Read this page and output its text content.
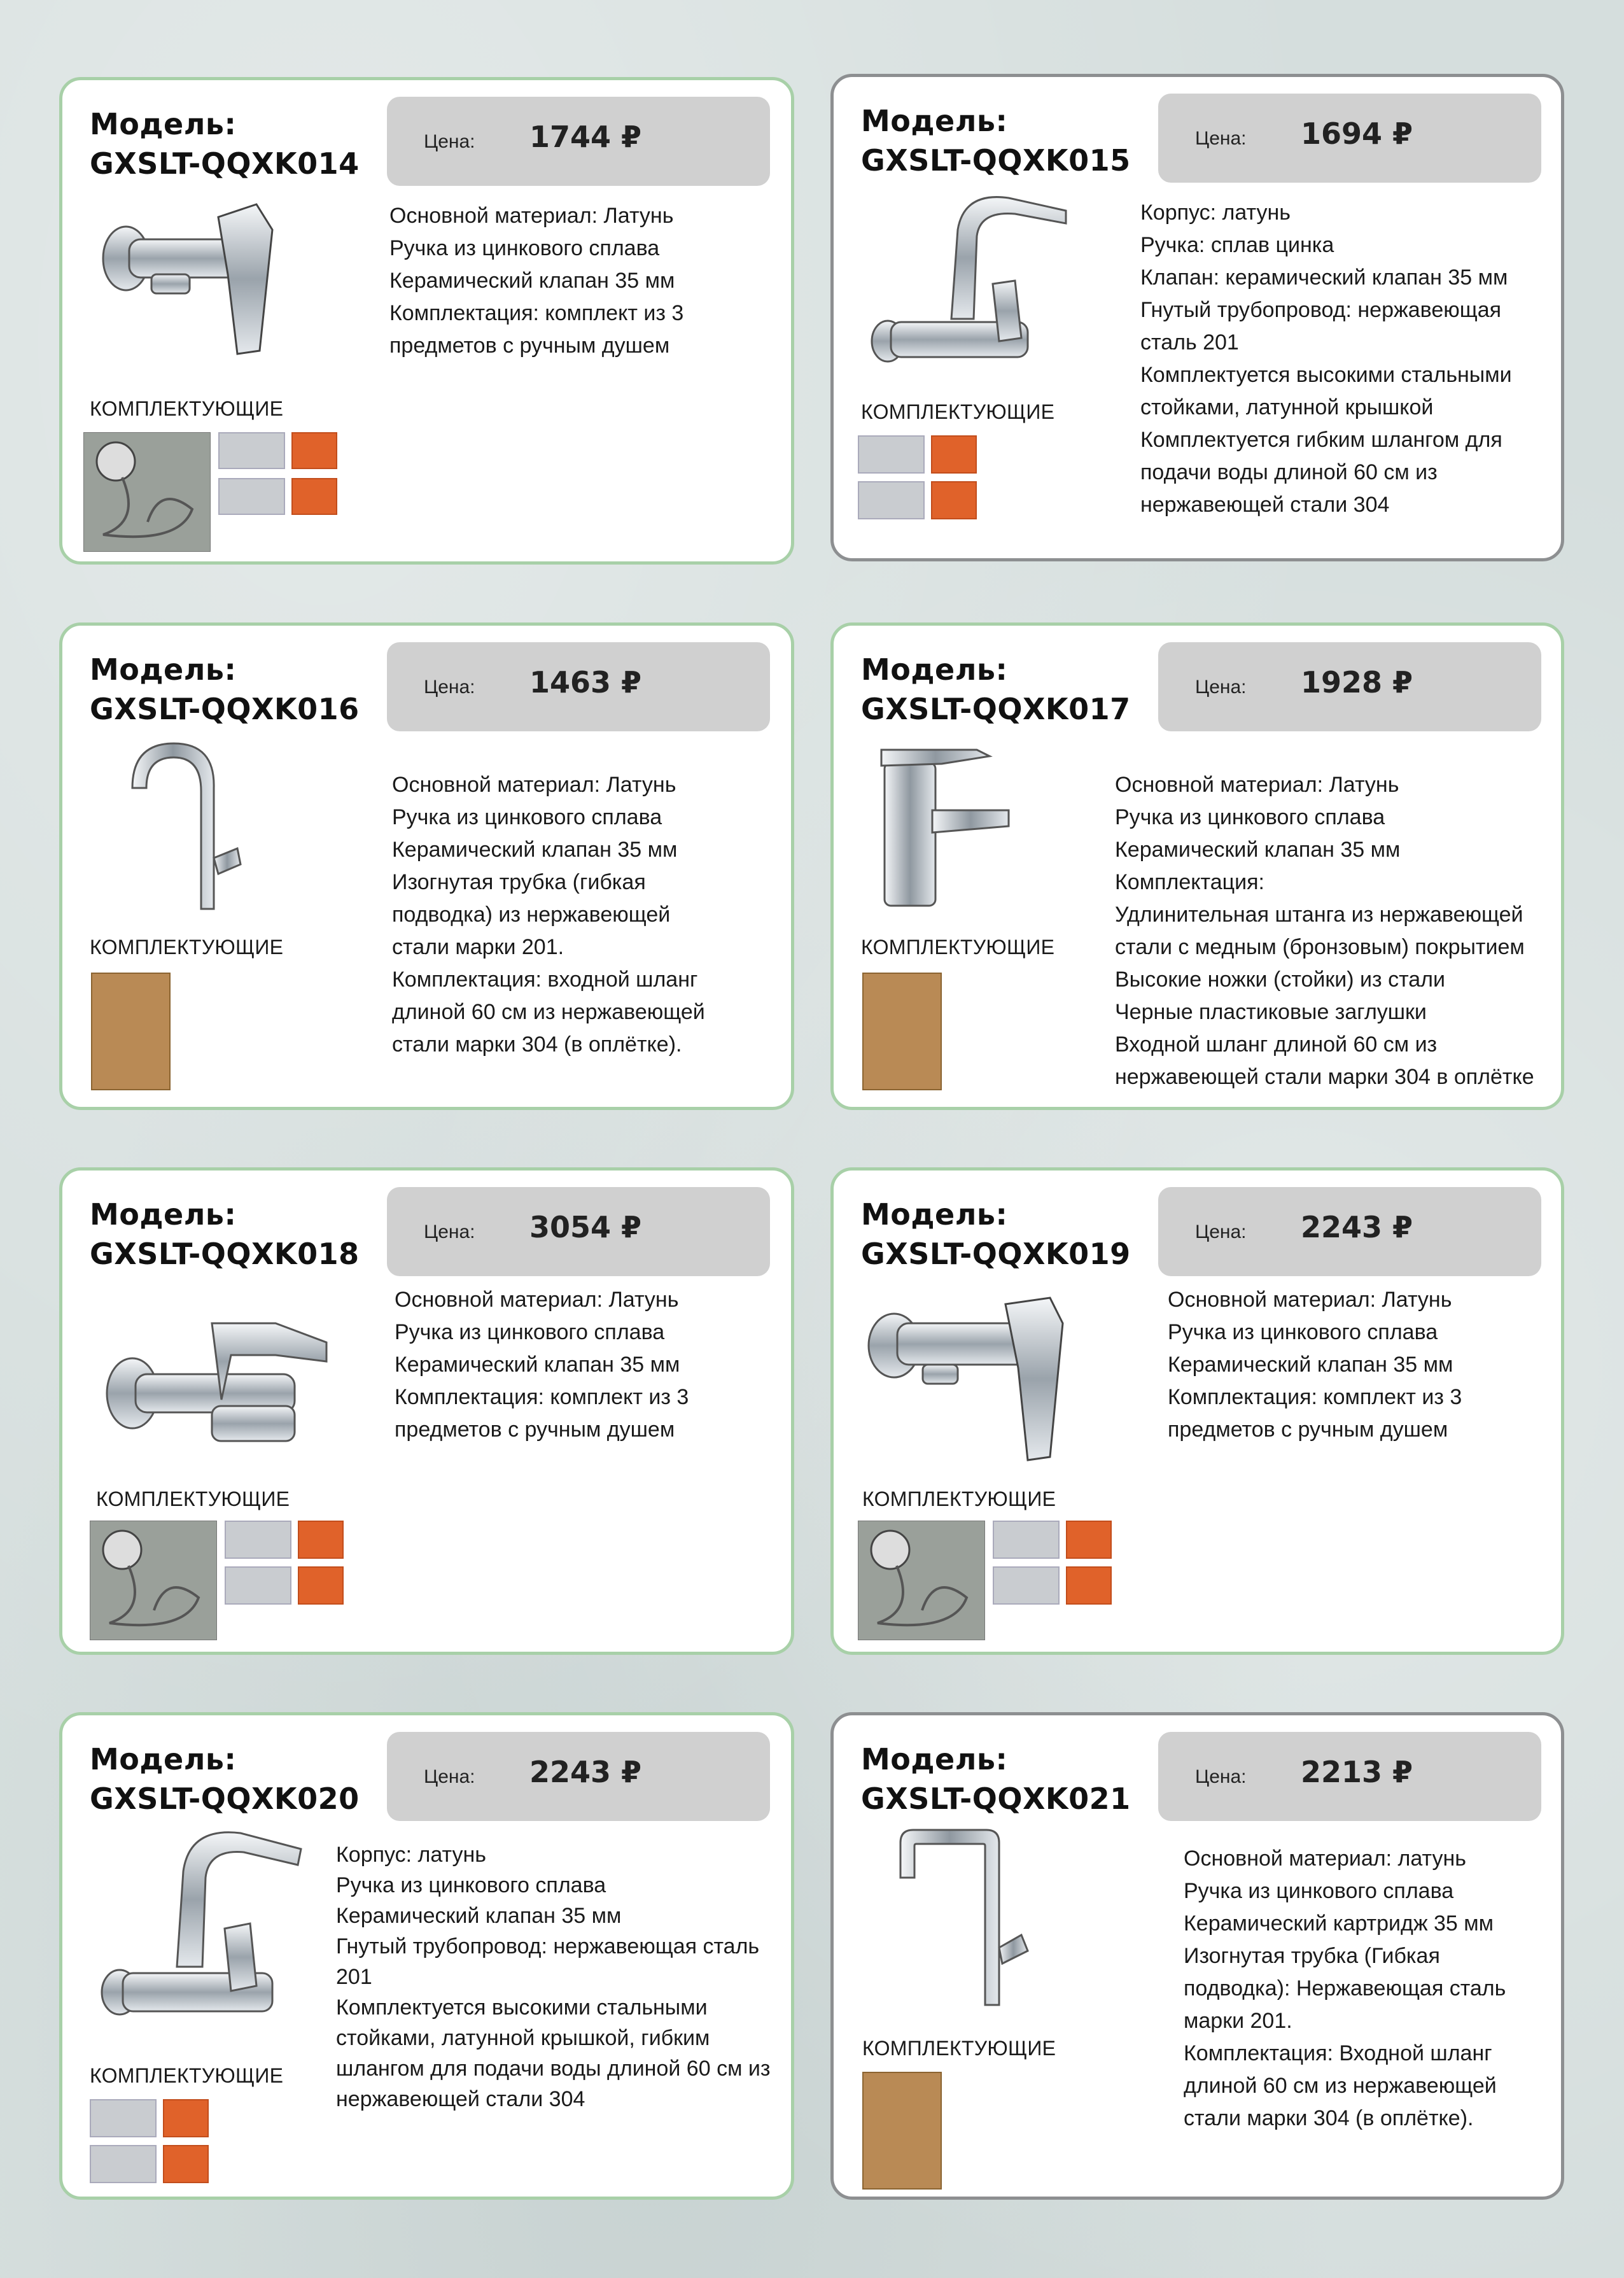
Модель:
GXSLT-QQXK014
Цена: 1744 ₽
КОМПЛЕКТУЮЩИЕ
Основной материал: Латунь
Ручка из цинкового сплава
Керамический клапан 35 мм
Комплектация: комплект из 3
предметов с ручным душем
Модель:
GXSLT-QQXK015
Цена: 1694 ₽
КОМПЛЕКТУЮЩИЕ
Корпус: латунь
Ручка: сплав цинка
Клапан: керамический клапан 35 мм
Гнутый трубопровод: нержавеющая
сталь 201
Комплектуется высокими стальными
стойками, латунной крышкой
Комплектуется гибким шлангом для
подачи воды длиной 60 см из
нержавеющей стали 304
Модель:
GXSLT-QQXK016
Цена: 1463 ₽
КОМПЛЕКТУЮЩИЕ
Основной материал: Латунь
Ручка из цинкового сплава
Керамический клапан 35 мм
Изогнутая трубка (гибкая
подводка) из нержавеющей
стали марки 201.
Комплектация: входной шланг
длиной 60 см из нержавеющей
стали марки 304 (в оплётке).
Модель:
GXSLT-QQXK017
Цена: 1928 ₽
КОМПЛЕКТУЮЩИЕ
Основной материал: Латунь
Ручка из цинкового сплава
Керамический клапан 35 мм
Комплектация:
Удлинительная штанга из нержавеющей
стали с медным (бронзовым) покрытием
Высокие ножки (стойки) из стали
Черные пластиковые заглушки
Входной шланг длиной 60 см из
нержавеющей стали марки 304 в оплётке
Модель:
GXSLT-QQXK018
Цена: 3054 ₽
КОМПЛЕКТУЮЩИЕ
Основной материал: Латунь
Ручка из цинкового сплава
Керамический клапан 35 мм
Комплектация: комплект из 3
предметов с ручным душем
Модель:
GXSLT-QQXK019
Цена: 2243 ₽
КОМПЛЕКТУЮЩИЕ
Основной материал: Латунь
Ручка из цинкового сплава
Керамический клапан 35 мм
Комплектация: комплект из 3
предметов с ручным душем
Модель:
GXSLT-QQXK020
Цена: 2243 ₽
КОМПЛЕКТУЮЩИЕ
Корпус: латунь
Ручка из цинкового сплава
Керамический клапан 35 мм
Гнутый трубопровод: нержавеющая сталь
201
Комплектуется высокими стальными
стойками, латунной крышкой, гибким
шлангом для подачи воды длиной 60 см из
нержавеющей стали 304
Модель:
GXSLT-QQXK021
Цена: 2213 ₽
КОМПЛЕКТУЮЩИЕ
Основной материал: латунь
Ручка из цинкового сплава
Керамический картридж 35 мм
Изогнутая трубка (Гибкая
подводка): Нержавеющая сталь
марки 201.
Комплектация: Входной шланг
длиной 60 см из нержавеющей
стали марки 304 (в оплётке).
